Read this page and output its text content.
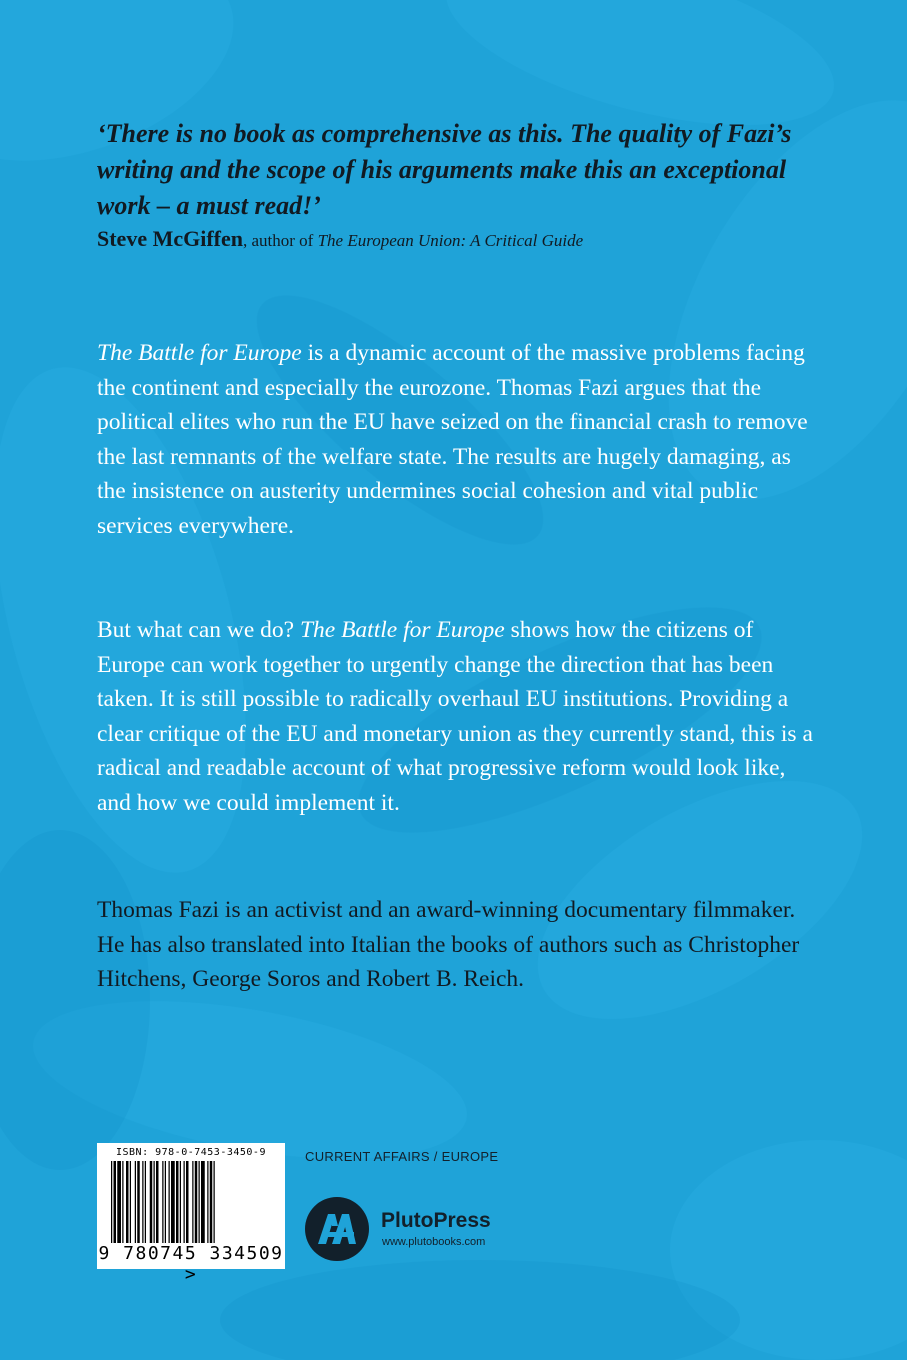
‘There is no book as comprehensive as this. The quality of Fazi’s writing and the scope of his arguments make this an exceptional work – a must read!’
Steve McGiffen, author of The European Union: A Critical Guide

The Battle for Europe is a dynamic account of the massive problems facing the continent and especially the eurozone. Thomas Fazi argues that the political elites who run the EU have seized on the financial crash to remove the last remnants of the welfare state. The results are hugely damaging, as the insistence on austerity undermines social cohesion and vital public services everywhere.

But what can we do? The Battle for Europe shows how the citizens of Europe can work together to urgently change the direction that has been taken. It is still possible to radically overhaul EU institutions. Providing a clear critique of the EU and monetary union as they currently stand, this is a radical and readable account of what progressive reform would look like, and how we could implement it.

Thomas Fazi is an activist and an award-winning documentary filmmaker. He has also translated into Italian the books of authors such as Christopher Hitchens, George Soros and Robert B. Reich.

ISBN: 978-0-7453-3450-9
9 780745 334509 >
CURRENT AFFAIRS / EUROPE
PlutoPress
www.plutobooks.com
